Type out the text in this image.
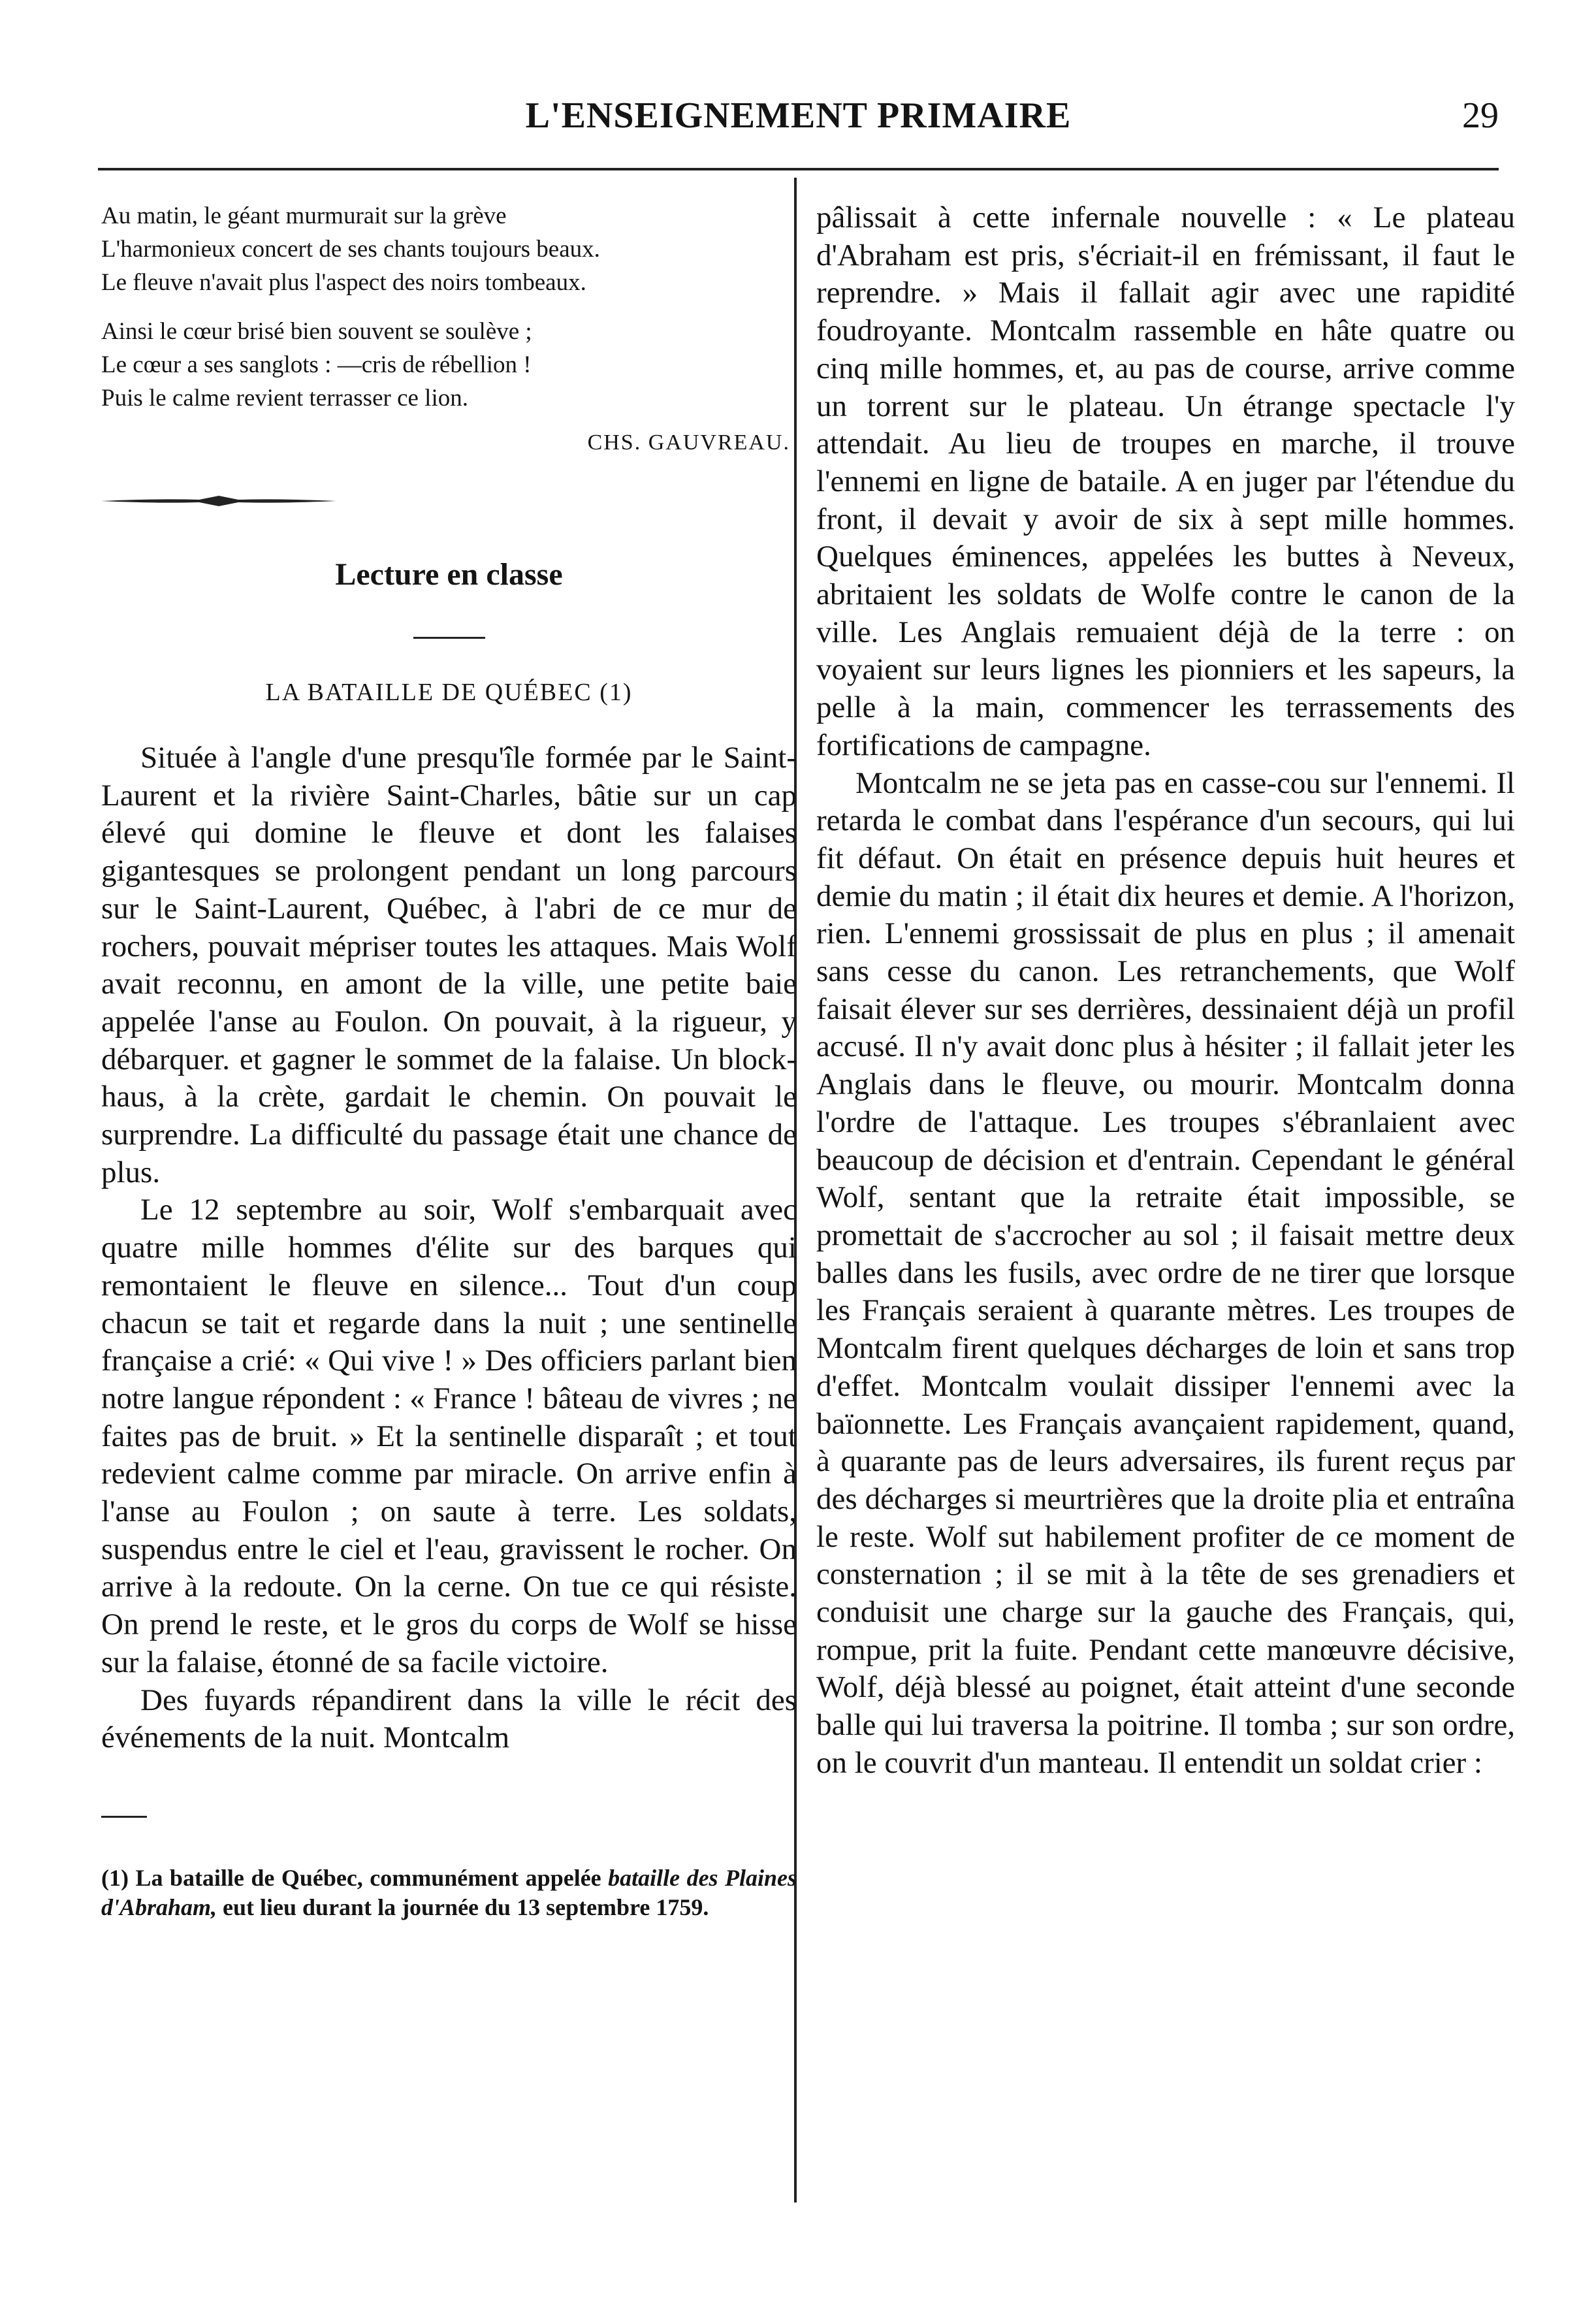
L'ENSEIGNEMENT PRIMAIRE	29
Au matin, le géant murmurait sur la grève
L'harmonieux concert de ses chants toujours beaux.
Le fleuve n'avait plus l'aspect des noirs tombeaux.
Ainsi le cœur brisé bien souvent se soulève ;
Le cœur a ses sanglots : —cris de rébellion !
Puis le calme revient terrasser ce lion.
CHS. GAUVREAU.
Lecture en classe
LA BATAILLE DE QUÉBEC (1)

Située à l'angle d'une presqu'île formée par le Saint-Laurent et la rivière Saint-Charles, bâtie sur un cap élevé qui domine le fleuve et dont les falaises gigantesques se prolongent pendant un long parcours sur le Saint-Laurent, Québec, à l'abri de ce mur de rochers, pouvait mépriser toutes les attaques. Mais Wolf avait reconnu, en amont de la ville, une petite baie appelée l'anse au Foulon. On pouvait, à la rigueur, y débarquer. et gagner le sommet de la falaise. Un block-haus, à la crète, gardait le chemin. On pouvait le surprendre. La difficulté du passage était une chance de plus.

Le 12 septembre au soir, Wolf s'embarquait avec quatre mille hommes d'élite sur des barques qui remontaient le fleuve en silence... Tout d'un coup chacun se tait et regarde dans la nuit ; une sentinelle française a crié: « Qui vive ! » Des officiers parlant bien notre langue répondent : « France ! bâteau de vivres ; ne faites pas de bruit. » Et la sentinelle disparaît ; et tout redevient calme comme par miracle. On arrive enfin à l'anse au Foulon ; on saute à terre. Les soldats, suspendus entre le ciel et l'eau, gravissent le rocher. On arrive à la redoute. On la cerne. On tue ce qui résiste. On prend le reste, et le gros du corps de Wolf se hisse sur la falaise, étonné de sa facile victoire.

Des fuyards répandirent dans la ville le récit des événements de la nuit. Montcalm

(1) La bataille de Québec, communément appelée bataille des Plaines d'Abraham, eut lieu durant la journée du 13 septembre 1759.

pâlissait à cette infernale nouvelle : « Le plateau d'Abraham est pris, s'écriait-il en frémissant, il faut le reprendre. » Mais il fallait agir avec une rapidité foudroyante. Montcalm rassemble en hâte quatre ou cinq mille hommes, et, au pas de course, arrive comme un torrent sur le plateau. Un étrange spectacle l'y attendait. Au lieu de troupes en marche, il trouve l'ennemi en ligne de bataile. A en juger par l'étendue du front, il devait y avoir de six à sept mille hommes. Quelques éminences, appelées les buttes à Neveux, abritaient les soldats de Wolfe contre le canon de la ville. Les Anglais remuaient déjà de la terre : on voyaient sur leurs lignes les pionniers et les sapeurs, la pelle à la main, commencer les terrassements des fortifications de campagne.

Montcalm ne se jeta pas en casse-cou sur l'ennemi. Il retarda le combat dans l'espérance d'un secours, qui lui fit défaut. On était en présence depuis huit heures et demie du matin ; il était dix heures et demie. A l'horizon, rien. L'ennemi grossissait de plus en plus ; il amenait sans cesse du canon. Les retranchements, que Wolf faisait élever sur ses derrières, dessinaient déjà un profil accusé. Il n'y avait donc plus à hésiter ; il fallait jeter les Anglais dans le fleuve, ou mourir. Montcalm donna l'ordre de l'attaque. Les troupes s'ébranlaient avec beaucoup de décision et d'entrain. Cependant le général Wolf, sentant que la retraite était impossible, se promettait de s'accrocher au sol ; il faisait mettre deux balles dans les fusils, avec ordre de ne tirer que lorsque les Français seraient à quarante mètres. Les troupes de Montcalm firent quelques décharges de loin et sans trop d'effet. Montcalm voulait dissiper l'ennemi avec la baïonnette. Les Français avançaient rapidement, quand, à quarante pas de leurs adversaires, ils furent reçus par des décharges si meurtrières que la droite plia et entraîna le reste. Wolf sut habilement profiter de ce moment de consternation ; il se mit à la tête de ses grenadiers et conduisit une charge sur la gauche des Français, qui, rompue, prit la fuite. Pendant cette manœuvre décisive, Wolf, déjà blessé au poignet, était atteint d'une seconde balle qui lui traversa la poitrine. Il tomba ; sur son ordre, on le couvrit d'un manteau. Il entendit un soldat crier :
